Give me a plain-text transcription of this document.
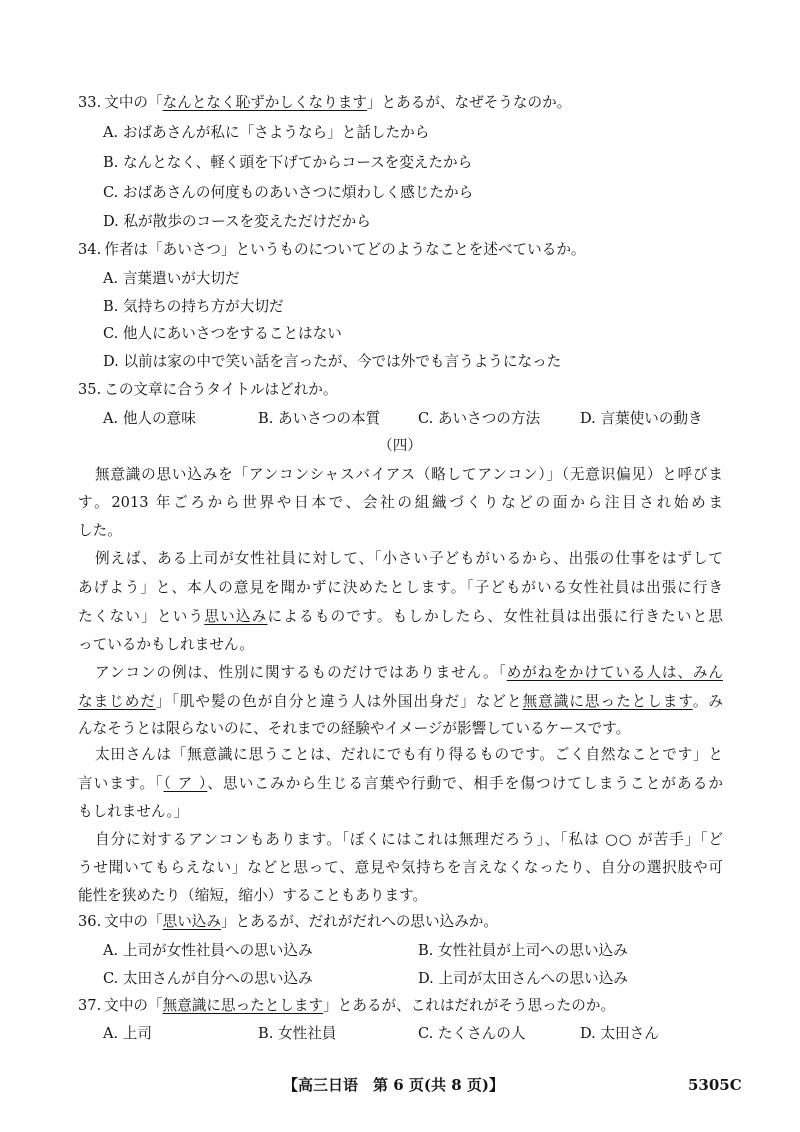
33. 文中の「なんとなく恥ずかしくなります」とあるが、なぜそうなのか。
A. おばあさんが私に「さようなら」と話したから
B. なんとなく、軽く頭を下げてからコースを変えたから
C. おばあさんの何度ものあいさつに煩わしく感じたから
D. 私が散歩のコースを変えただけだから
34. 作者は「あいさつ」というものについてどのようなことを述べているか。
A. 言葉遣いが大切だ
B. 気持ちの持ち方が大切だ
C. 他人にあいさつをすることはない
D. 以前は家の中で笑い話を言ったが、今では外でも言うようになった
35. この文章に合うタイトルはどれか。
A. 他人の意味	B. あいさつの本質	C. あいさつの方法	D. 言葉使いの動き
（四）
無意識の思い込みを「アンコンシャスバイアス（略してアンコン）」（无意识偏见）と呼びま
す。2013 年ごろから世界や日本で、会社の組織づくりなどの面から注目され始めま
した。
例えば、ある上司が女性社員に対して、「小さい子どもがいるから、出張の仕事をはずして
あげよう」と、本人の意見を聞かずに決めたとします。「子どもがいる女性社員は出張に行き
たくない」という思い込みによるものです。もしかしたら、女性社員は出張に行きたいと思
っているかもしれません。
アンコンの例は、性別に関するものだけではありません。「めがねをかけている人は、みん
なまじめだ」「肌や髪の色が自分と違う人は外国出身だ」などと無意識に思ったとします。み
んなそうとは限らないのに、それまでの経験やイメージが影響しているケースです。
太田さんは「無意識に思うことは、だれにでも有り得るものです。ごく自然なことです」と
言います。「（ ア ）、思いこみから生じる言葉や行動で、相手を傷つけてしまうことがあるか
もしれません。」
自分に対するアンコンもあります。「ぼくにはこれは無理だろう」、「私は ○○ が苦手」「ど
うせ聞いてもらえない」などと思って、意見や気持ちを言えなくなったり、自分の選択肢や可
能性を狭めたり（缩短，缩小）することもあります。
36. 文中の「思い込み」とあるが、だれがだれへの思い込みか。
A. 上司が女性社員への思い込み	B. 女性社員が上司への思い込み
C. 太田さんが自分への思い込み	D. 上司が太田さんへの思い込み
37. 文中の「無意識に思ったとします」とあるが、これはだれがそう思ったのか。
A. 上司	B. 女性社員	C. たくさんの人	D. 太田さん
【高三日语　第 6 页(共 8 页)】	5305C
